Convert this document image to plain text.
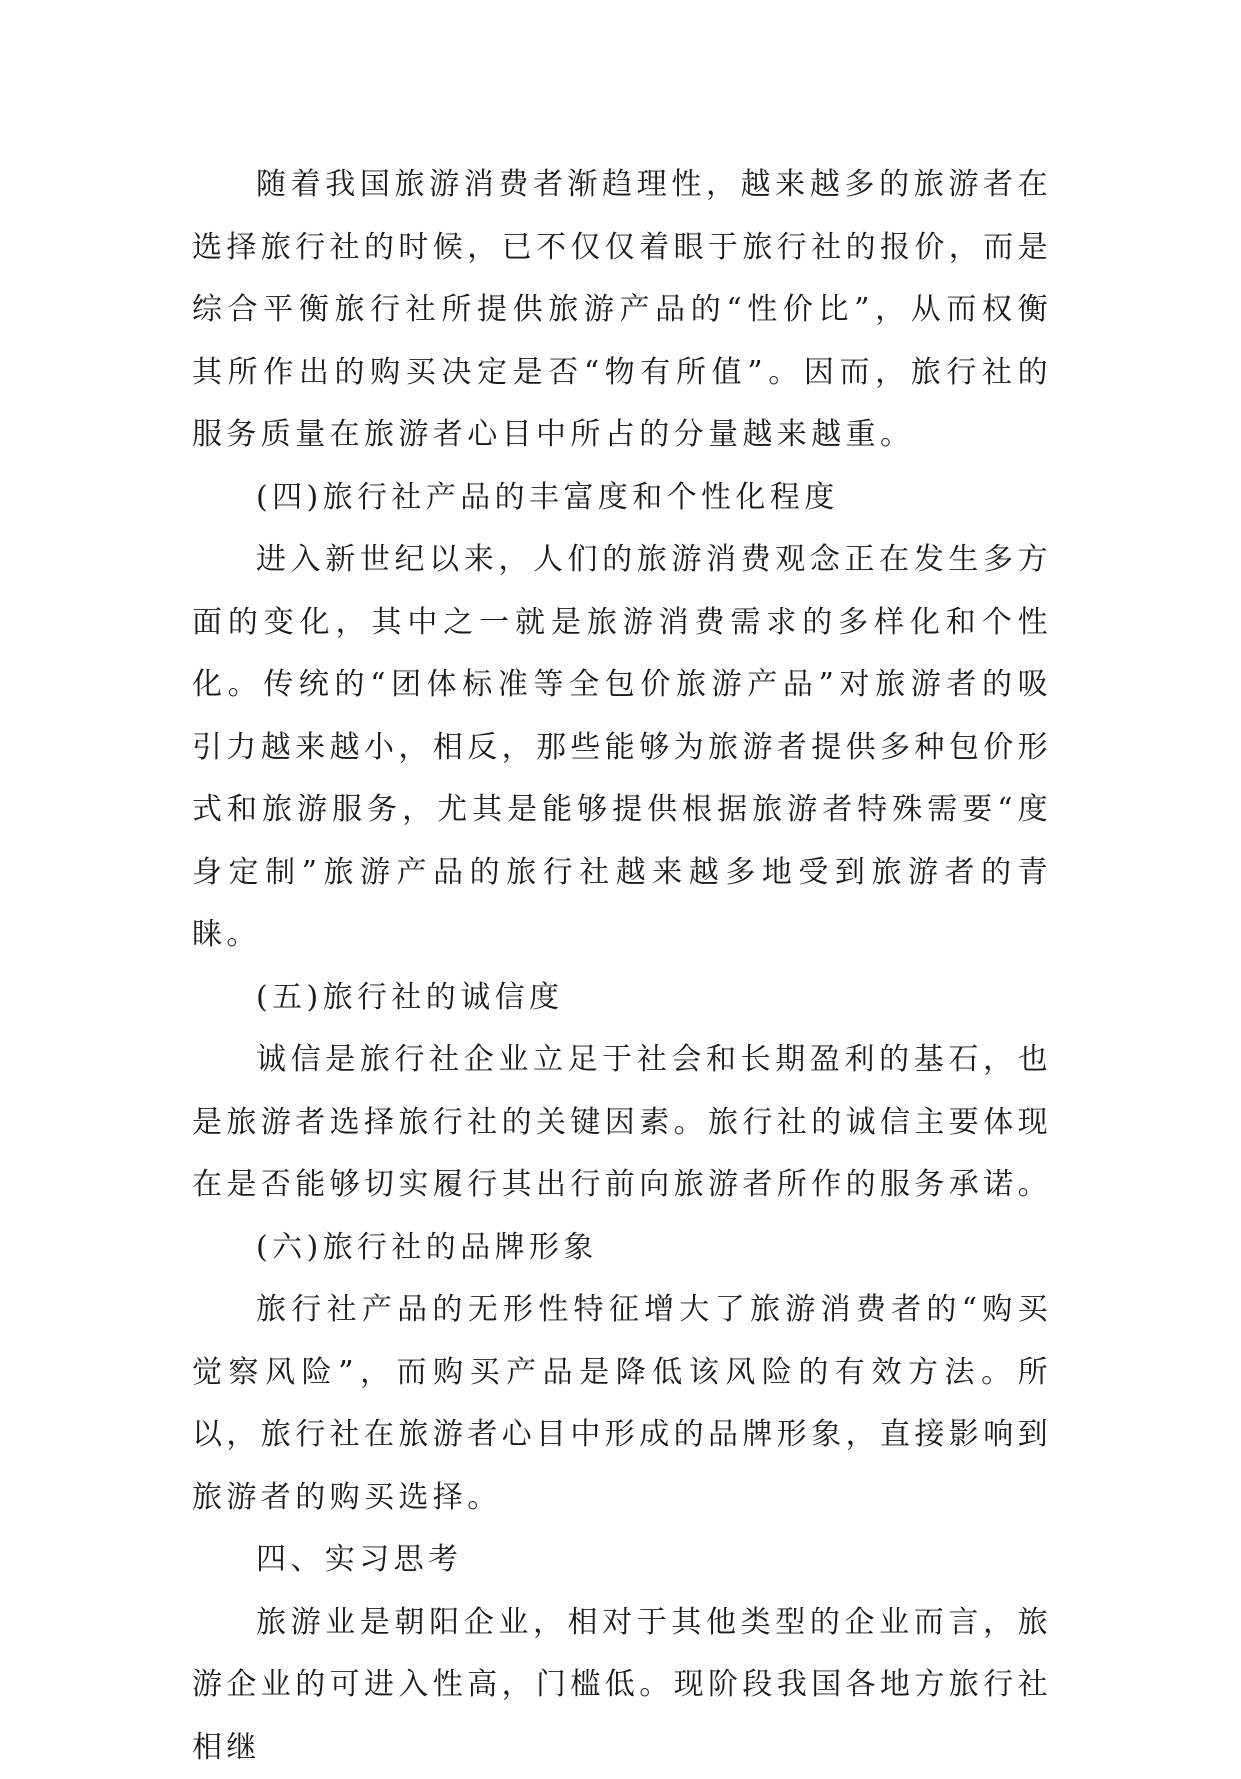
随着我国旅游消费者渐趋理性，越来越多的旅游者在选择旅行社的时候，已不仅仅着眼于旅行社的报价，而是综合平衡旅行社所提供旅游产品的“性价比”，从而权衡其所作出的购买决定是否“物有所值”。因而，旅行社的服务质量在旅游者心目中所占的分量越来越重。

(四)旅行社产品的丰富度和个性化程度

进入新世纪以来，人们的旅游消费观念正在发生多方面的变化，其中之一就是旅游消费需求的多样化和个性化。传统的“团体标准等全包价旅游产品”对旅游者的吸引力越来越小，相反，那些能够为旅游者提供多种包价形式和旅游服务，尤其是能够提供根据旅游者特殊需要“度身定制”旅游产品的旅行社越来越多地受到旅游者的青睐。

(五)旅行社的诚信度

诚信是旅行社企业立足于社会和长期盈利的基石，也是旅游者选择旅行社的关键因素。旅行社的诚信主要体现在是否能够切实履行其出行前向旅游者所作的服务承诺。

(六)旅行社的品牌形象

旅行社产品的无形性特征增大了旅游消费者的“购买觉察风险”，而购买产品是降低该风险的有效方法。所以，旅行社在旅游者心目中形成的品牌形象，直接影响到旅游者的购买选择。

四、实习思考

旅游业是朝阳企业，相对于其他类型的企业而言，旅游企业的可进入性高，门槛低。现阶段我国各地方旅行社相继
